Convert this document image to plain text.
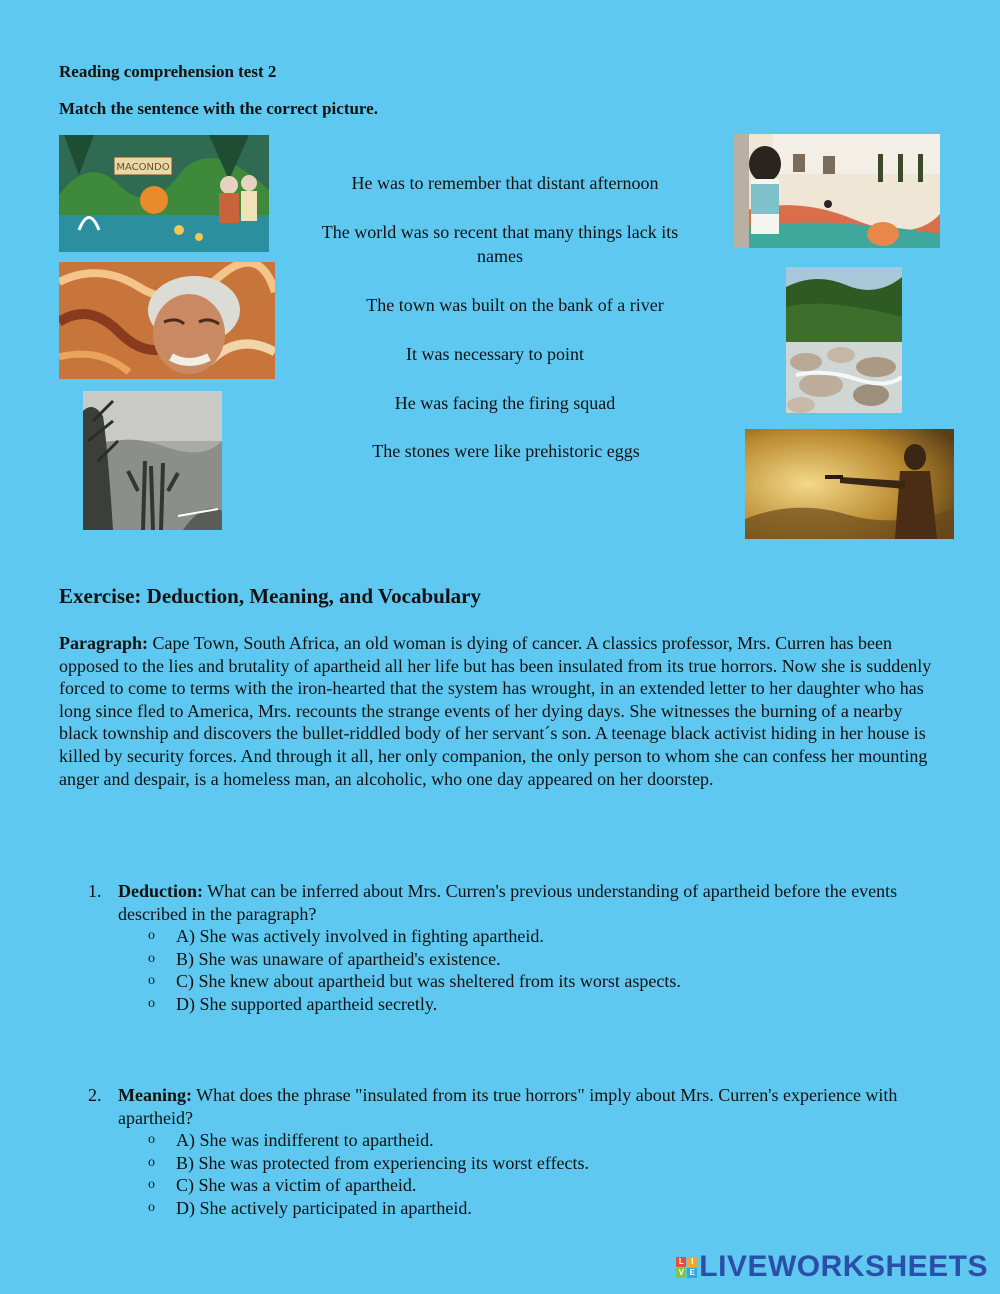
Reading comprehension test 2
Match the sentence with the correct picture.
MACONDO
He was to remember that distant afternoon
The world was so recent that many things lack its
names
The town was built on the bank of a river
It was necessary to point
He was facing the firing squad
The stones were like prehistoric eggs
Exercise: Deduction, Meaning, and Vocabulary
Paragraph: Cape Town, South Africa, an old woman is dying of cancer. A classics professor, Mrs. Curren has been opposed to the lies and brutality of apartheid all her life but has been insulated from its true horrors. Now she is suddenly forced to come to terms with the iron-hearted that the system has wrought, in an extended letter to her daughter who has long since fled to America, Mrs. recounts the strange events of her dying days. She witnesses the burning of a nearby black township and discovers the bullet-riddled body of her servant´s son. A teenage black activist hiding in her house is killed by security forces. And through it all, her only companion, the only person to whom she can confess her mounting anger and despair, is a homeless man, an alcoholic, who one day appeared on her doorstep.
1. Deduction: What can be inferred about Mrs. Curren's previous understanding of apartheid before the events described in the paragraph?
o A) She was actively involved in fighting apartheid.
o B) She was unaware of apartheid's existence.
o C) She knew about apartheid but was sheltered from its worst aspects.
o D) She supported apartheid secretly.
2. Meaning: What does the phrase "insulated from its true horrors" imply about Mrs. Curren's experience with apartheid?
o A) She was indifferent to apartheid.
o B) She was protected from experiencing its worst effects.
o C) She was a victim of apartheid.
o D) She actively participated in apartheid.
L I
V E LIVEWORKSHEETS
